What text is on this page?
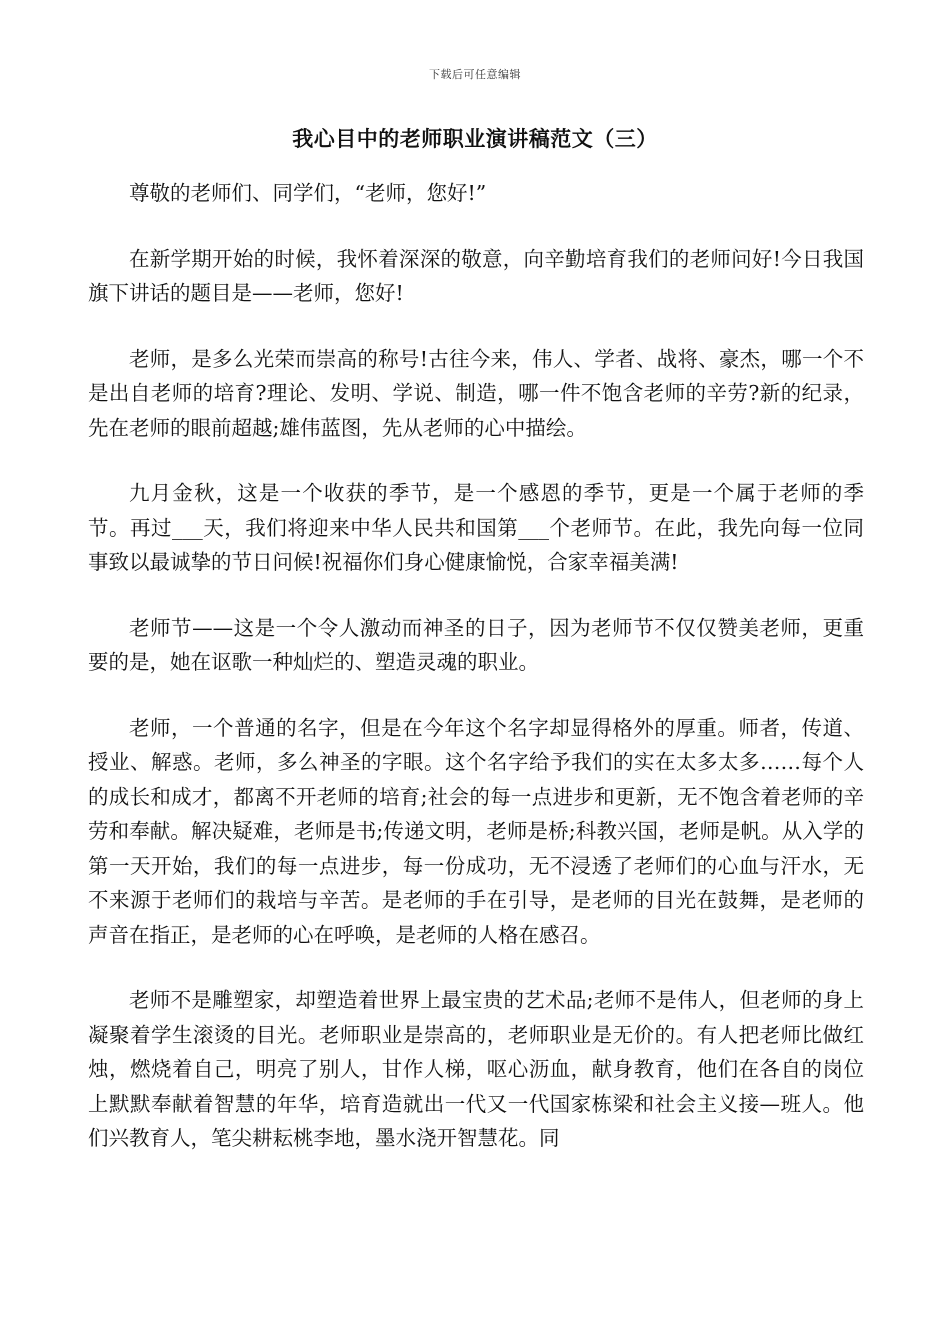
下载后可任意编辑
我心目中的老师职业演讲稿范文（三）

尊敬的老师们、同学们，“老师，您好!”

在新学期开始的时候，我怀着深深的敬意，向辛勤培育我们的老师问好!今日我国旗下讲话的题目是——老师，您好!

老师，是多么光荣而崇高的称号!古往今来，伟人、学者、战将、豪杰，哪一个不是出自老师的培育?理论、发明、学说、制造，哪一件不饱含老师的辛劳?新的纪录，先在老师的眼前超越;雄伟蓝图，先从老师的心中描绘。

九月金秋，这是一个收获的季节，是一个感恩的季节，更是一个属于老师的季节。再过___天，我们将迎来中华人民共和国第___个老师节。在此，我先向每一位同事致以最诚挚的节日问候!祝福你们身心健康愉悦，合家幸福美满!

老师节——这是一个令人激动而神圣的日子，因为老师节不仅仅赞美老师，更重要的是，她在讴歌一种灿烂的、塑造灵魂的职业。

老师，一个普通的名字，但是在今年这个名字却显得格外的厚重。师者，传道、授业、解惑。老师，多么神圣的字眼。这个名字给予我们的实在太多太多……每个人的成长和成才，都离不开老师的培育;社会的每一点进步和更新，无不饱含着老师的辛劳和奉献。解决疑难，老师是书;传递文明，老师是桥;科教兴国，老师是帆。从入学的第一天开始，我们的每一点进步，每一份成功，无不浸透了老师们的心血与汗水，无不来源于老师们的栽培与辛苦。是老师的手在引导，是老师的目光在鼓舞，是老师的声音在指正，是老师的心在呼唤，是老师的人格在感召。

老师不是雕塑家，却塑造着世界上最宝贵的艺术品;老师不是伟人，但老师的身上凝聚着学生滚烫的目光。老师职业是崇高的，老师职业是无价的。有人把老师比做红烛，燃烧着自己，明亮了别人，甘作人梯，呕心沥血，献身教育，他们在各自的岗位上默默奉献着智慧的年华，培育造就出一代又一代国家栋梁和社会主义接—班人。他们兴教育人，笔尖耕耘桃李地，墨水浇开智慧花。同
